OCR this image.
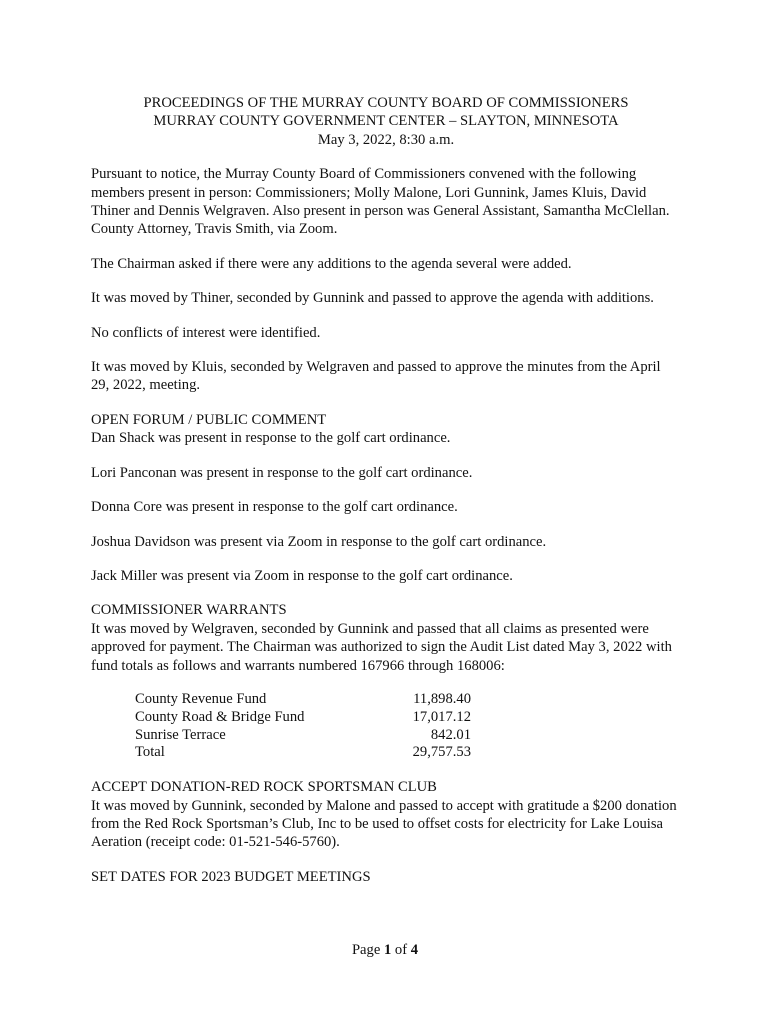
PROCEEDINGS OF THE MURRAY COUNTY BOARD OF COMMISSIONERS
MURRAY COUNTY GOVERNMENT CENTER – SLAYTON, MINNESOTA
May 3, 2022, 8:30 a.m.

Pursuant to notice, the Murray County Board of Commissioners convened with the following members present in person: Commissioners; Molly Malone, Lori Gunnink, James Kluis, David Thiner and Dennis Welgraven. Also present in person was General Assistant, Samantha McClellan. County Attorney, Travis Smith, via Zoom.

The Chairman asked if there were any additions to the agenda several were added.

It was moved by Thiner, seconded by Gunnink and passed to approve the agenda with additions.

No conflicts of interest were identified.

It was moved by Kluis, seconded by Welgraven and passed to approve the minutes from the April 29, 2022, meeting.

OPEN FORUM / PUBLIC COMMENT

Dan Shack was present in response to the golf cart ordinance.

Lori Panconan was present in response to the golf cart ordinance.

Donna Core was present in response to the golf cart ordinance.

Joshua Davidson was present via Zoom in response to the golf cart ordinance.

Jack Miller was present via Zoom in response to the golf cart ordinance.

COMMISSIONER WARRANTS

It was moved by Welgraven, seconded by Gunnink and passed that all claims as presented were approved for payment. The Chairman was authorized to sign the Audit List dated May 3, 2022 with fund totals as follows and warrants numbered 167966 through 168006:

County Revenue Fund	11,898.40
County Road & Bridge Fund	17,017.12
Sunrise Terrace	842.01
Total	29,757.53

ACCEPT DONATION-RED ROCK SPORTSMAN CLUB

It was moved by Gunnink, seconded by Malone and passed to accept with gratitude a $200 donation from the Red Rock Sportsman’s Club, Inc to be used to offset costs for electricity for Lake Louisa Aeration (receipt code: 01-521-546-5760).

SET DATES FOR 2023 BUDGET MEETINGS

Page 1 of 4
